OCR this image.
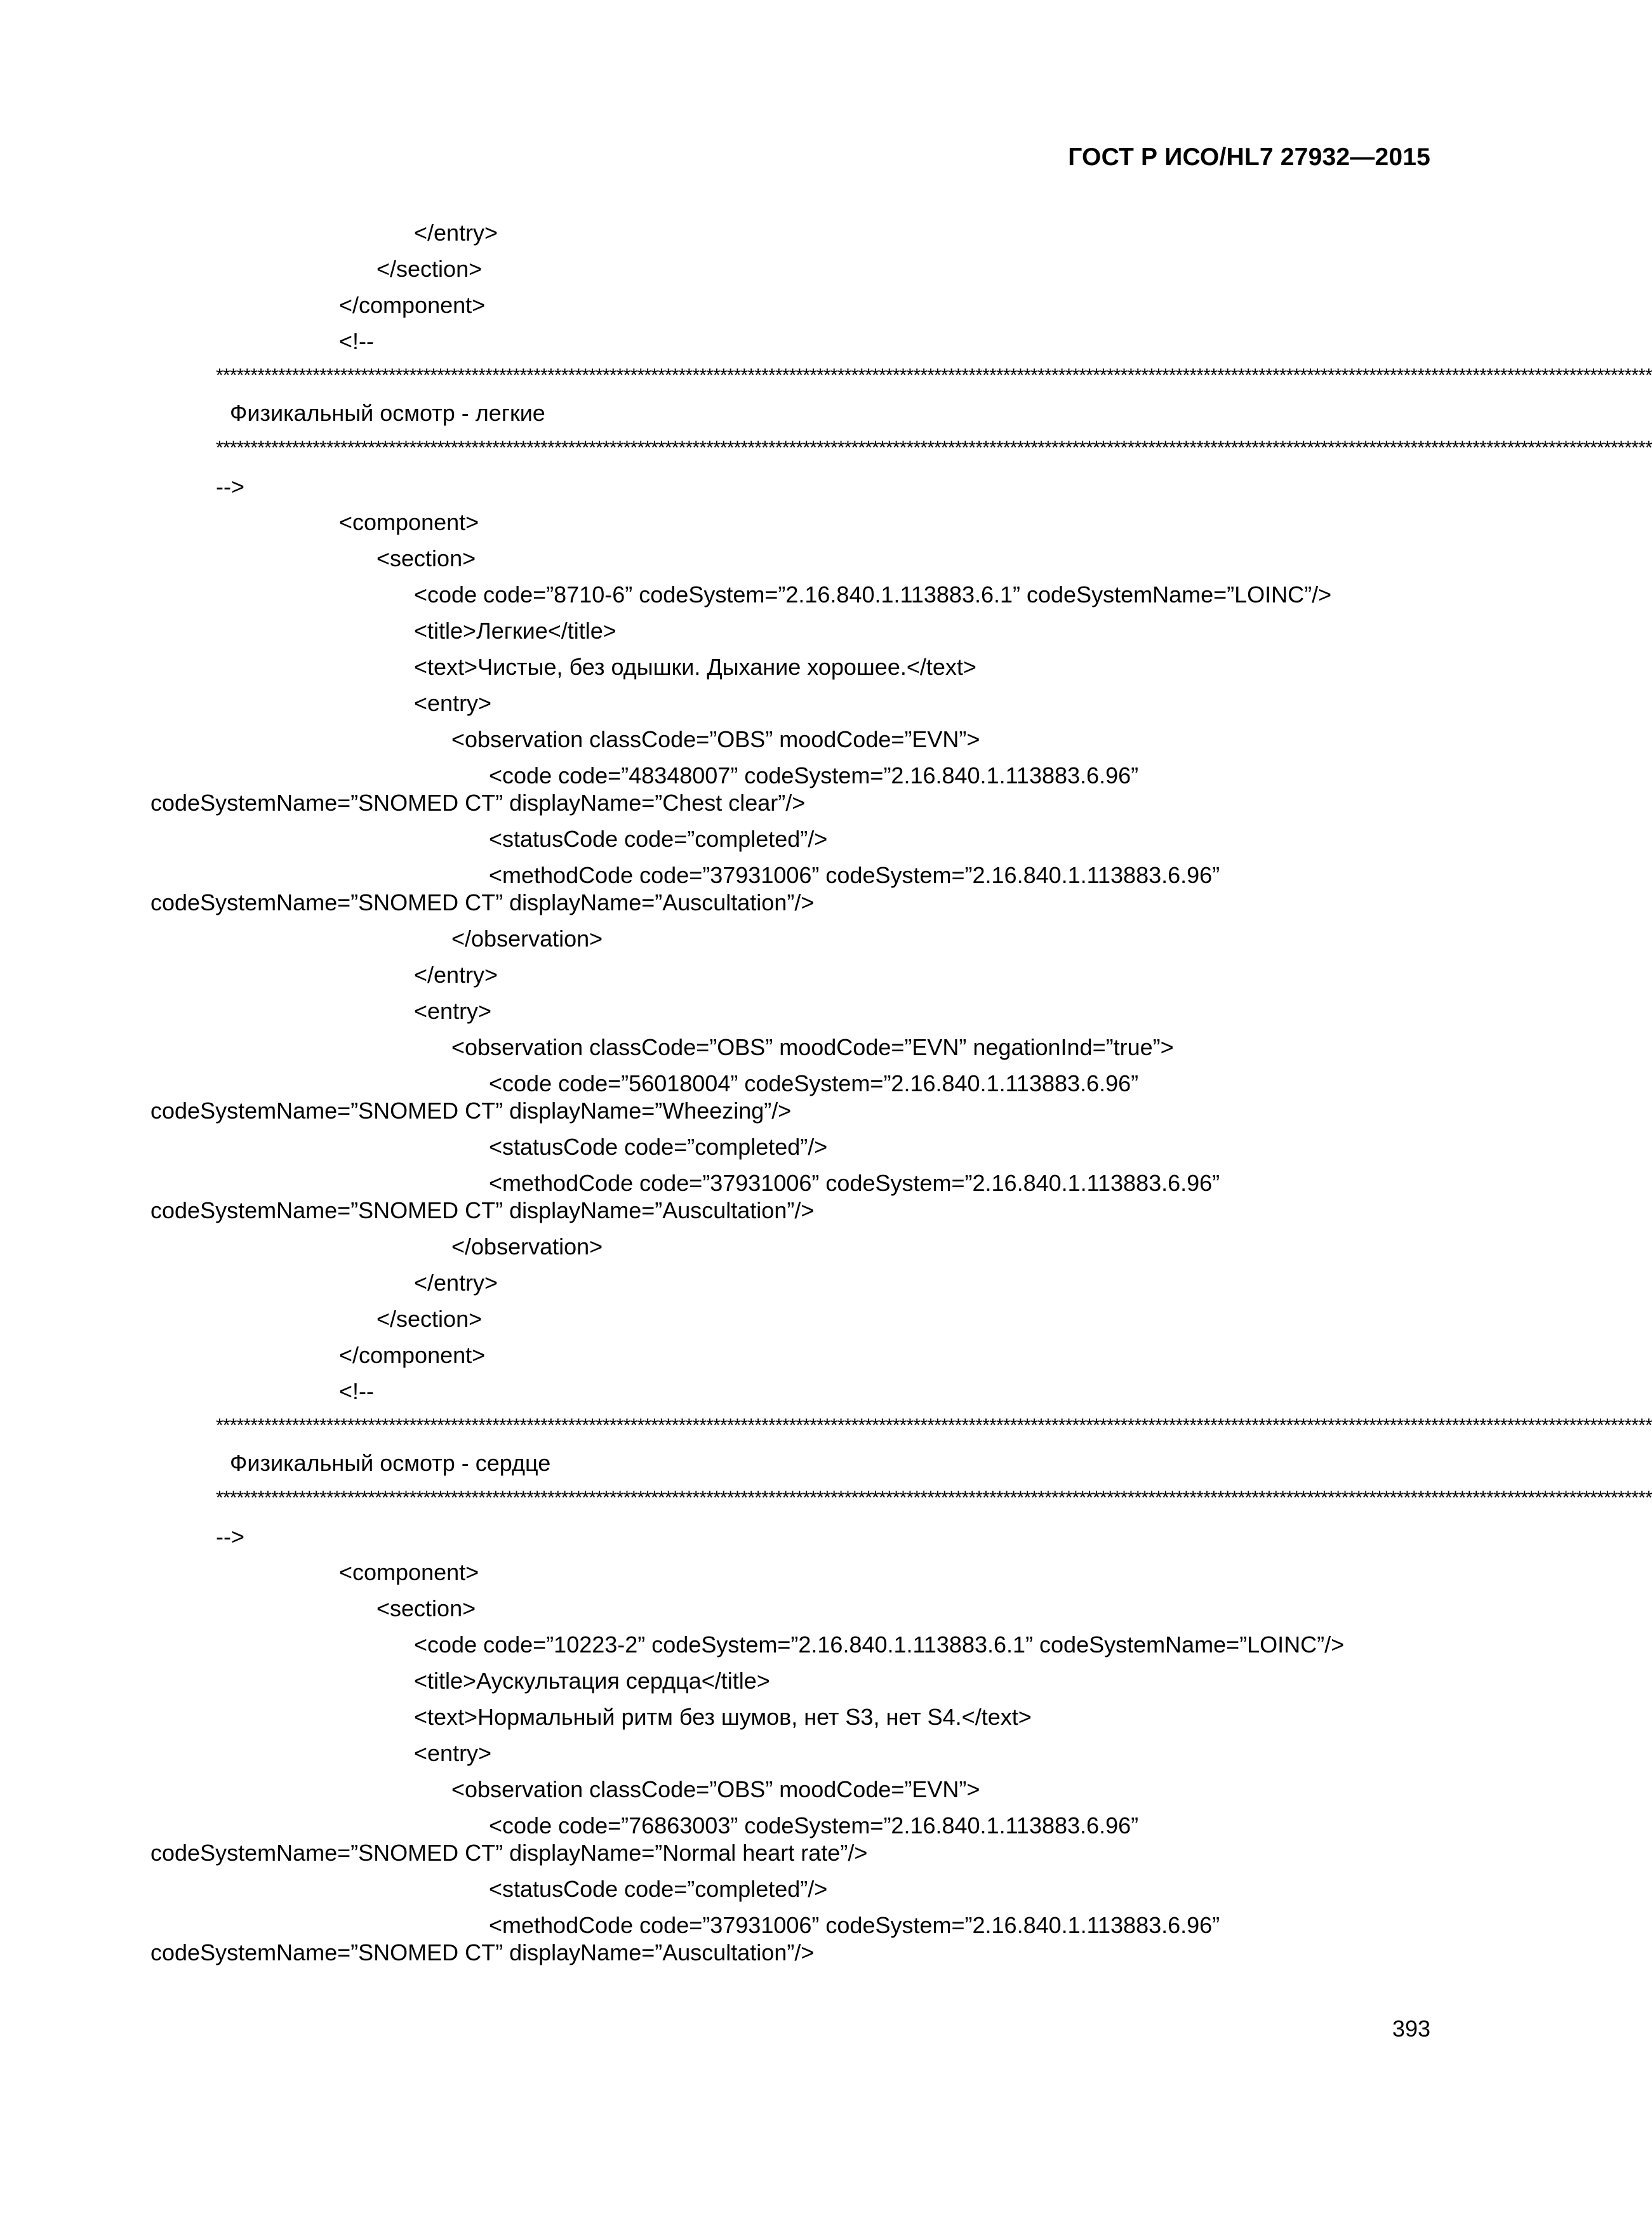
ГОСТ Р ИСО/HL7 27932—2015
</entry>
</section>
</component>
<!--
****************************************************************************************************************************************************************************************************************
Физикальный осмотр - легкие
****************************************************************************************************************************************************************************************************************
-->
<component>
<section>
<code code=”8710-6” codeSystem=”2.16.840.1.113883.6.1” codeSystemName=”LOINC”/>
<title>Легкие</title>
<text>Чистые, без одышки. Дыхание хорошее.</text>
<entry>
<observation classCode=”OBS” moodCode=”EVN”>
<code code=”48348007” codeSystem=”2.16.840.1.113883.6.96”
codeSystemName=”SNOMED CT” displayName=”Chest clear”/>
<statusCode code=”completed”/>
<methodCode code=”37931006” codeSystem=”2.16.840.1.113883.6.96”
codeSystemName=”SNOMED CT” displayName=”Auscultation”/>
</observation>
</entry>
<entry>
<observation classCode=”OBS” moodCode=”EVN” negationInd=”true”>
<code code=”56018004” codeSystem=”2.16.840.1.113883.6.96”
codeSystemName=”SNOMED CT” displayName=”Wheezing”/>
<statusCode code=”completed”/>
<methodCode code=”37931006” codeSystem=”2.16.840.1.113883.6.96”
codeSystemName=”SNOMED CT” displayName=”Auscultation”/>
</observation>
</entry>
</section>
</component>
<!--
****************************************************************************************************************************************************************************************************************
Физикальный осмотр - сердце
****************************************************************************************************************************************************************************************************************
-->
<component>
<section>
<code code=”10223-2” codeSystem=”2.16.840.1.113883.6.1” codeSystemName=”LOINC”/>
<title>Аускультация сердца</title>
<text>Нормальный ритм без шумов, нет S3, нет S4.</text>
<entry>
<observation classCode=”OBS” moodCode=”EVN”>
<code code=”76863003” codeSystem=”2.16.840.1.113883.6.96”
codeSystemName=”SNOMED CT” displayName=”Normal heart rate”/>
<statusCode code=”completed”/>
<methodCode code=”37931006” codeSystem=”2.16.840.1.113883.6.96”
codeSystemName=”SNOMED CT” displayName=”Auscultation”/>
393
